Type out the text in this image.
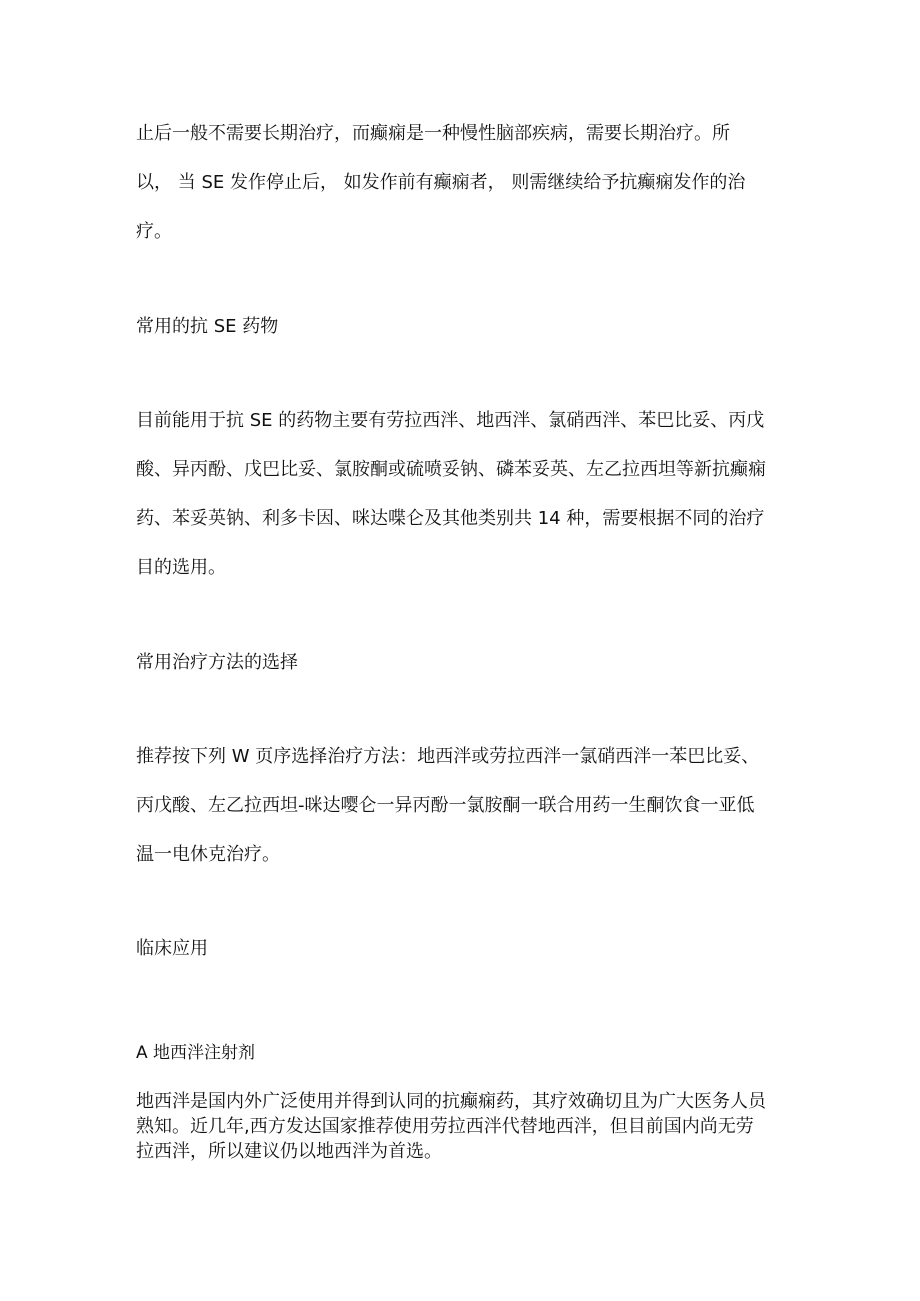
止后一般不需要长期治疗，而癫痫是一种慢性脑部疾病，需要长期治疗。所
以， 当 SE 发作停止后， 如发作前有癫痫者， 则需继续给予抗癫痫发作的治
疗。
常用的抗 SE 药物
目前能用于抗 SE 的药物主要有劳拉西泮、地西泮、氯硝西泮、苯巴比妥、丙戊
酸、异丙酚、戊巴比妥、氯胺酮或硫喷妥钠、磷苯妥英、左乙拉西坦等新抗癫痫
药、苯妥英钠、利多卡因、咪达喋仑及其他类别共 14 种，需要根据不同的治疗
目的选用。
常用治疗方法的选择
推荐按下列 W 页序选择治疗方法：地西泮或劳拉西泮一氯硝西泮一苯巴比妥、
丙戊酸、左乙拉西坦-咪达嘤仑一异丙酚一氯胺酮一联合用药一生酮饮食一亚低
温一电休克治疗。
临床应用
A 地西泮注射剂
地西泮是国内外广泛使用并得到认同的抗癫痫药，其疗效确切且为广大医务人员
熟知。近几年,西方发达国家推荐使用劳拉西泮代替地西泮，但目前国内尚无劳
拉西泮，所以建议仍以地西泮为首选。
